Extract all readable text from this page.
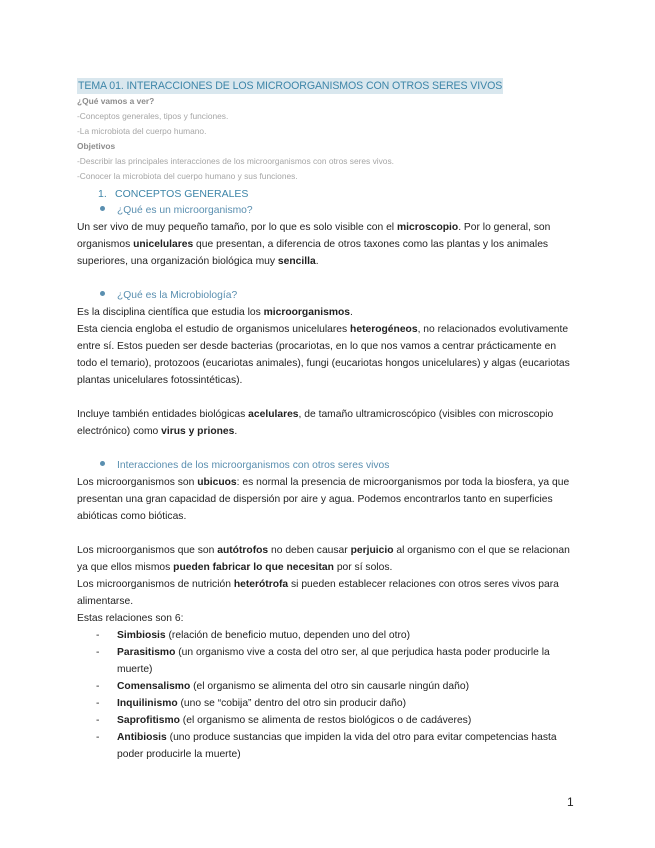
TEMA 01. INTERACCIONES DE LOS MICROORGANISMOS CON OTROS SERES VIVOS
¿Qué vamos a ver?
-Conceptos generales, tipos y funciones.
-La microbiota del cuerpo humano.
Objetivos
-Describir las principales interacciones de los microorganismos con otros seres vivos.
-Conocer la microbiota del cuerpo humano y sus funciones.
1. CONCEPTOS GENERALES
¿Qué es un microorganismo?

Un ser vivo de muy pequeño tamaño, por lo que es solo visible con el microscopio. Por lo general, son organismos unicelulares que presentan, a diferencia de otros taxones como las plantas y los animales superiores, una organización biológica muy sencilla.

¿Qué es la Microbiología?

Es la disciplina científica que estudia los microorganismos.

Esta ciencia engloba el estudio de organismos unicelulares heterogéneos, no relacionados evolutivamente entre sí. Estos pueden ser desde bacterias (procariotas, en lo que nos vamos a centrar prácticamente en todo el temario), protozoos (eucariotas animales), fungi (eucariotas hongos unicelulares) y algas (eucariotas plantas unicelulares fotossintéticas).

Incluye también entidades biológicas acelulares, de tamaño ultramicroscópico (visibles con microscopio electrónico) como virus y priones.

Interacciones de los microorganismos con otros seres vivos

Los microorganismos son ubicuos: es normal la presencia de microorganismos por toda la biosfera, ya que presentan una gran capacidad de dispersión por aire y agua. Podemos encontrarlos tanto en superficies abióticas como bióticas.

Los microorganismos que son autótrofos no deben causar perjuicio al organismo con el que se relacionan ya que ellos mismos pueden fabricar lo que necesitan por sí solos.

Los microorganismos de nutrición heterótrofa si pueden establecer relaciones con otros seres vivos para alimentarse.

Estas relaciones son 6:

- Simbiosis (relación de beneficio mutuo, dependen uno del otro)
- Parasitismo (un organismo vive a costa del otro ser, al que perjudica hasta poder producirle la muerte)
- Comensalismo (el organismo se alimenta del otro sin causarle ningún daño)
- Inquilinismo (uno se “cobija” dentro del otro sin producir daño)
- Saprofitismo (el organismo se alimenta de restos biológicos o de cadáveres)
- Antibiosis (uno produce sustancias que impiden la vida del otro para evitar competencias hasta poder producirle la muerte)
1
